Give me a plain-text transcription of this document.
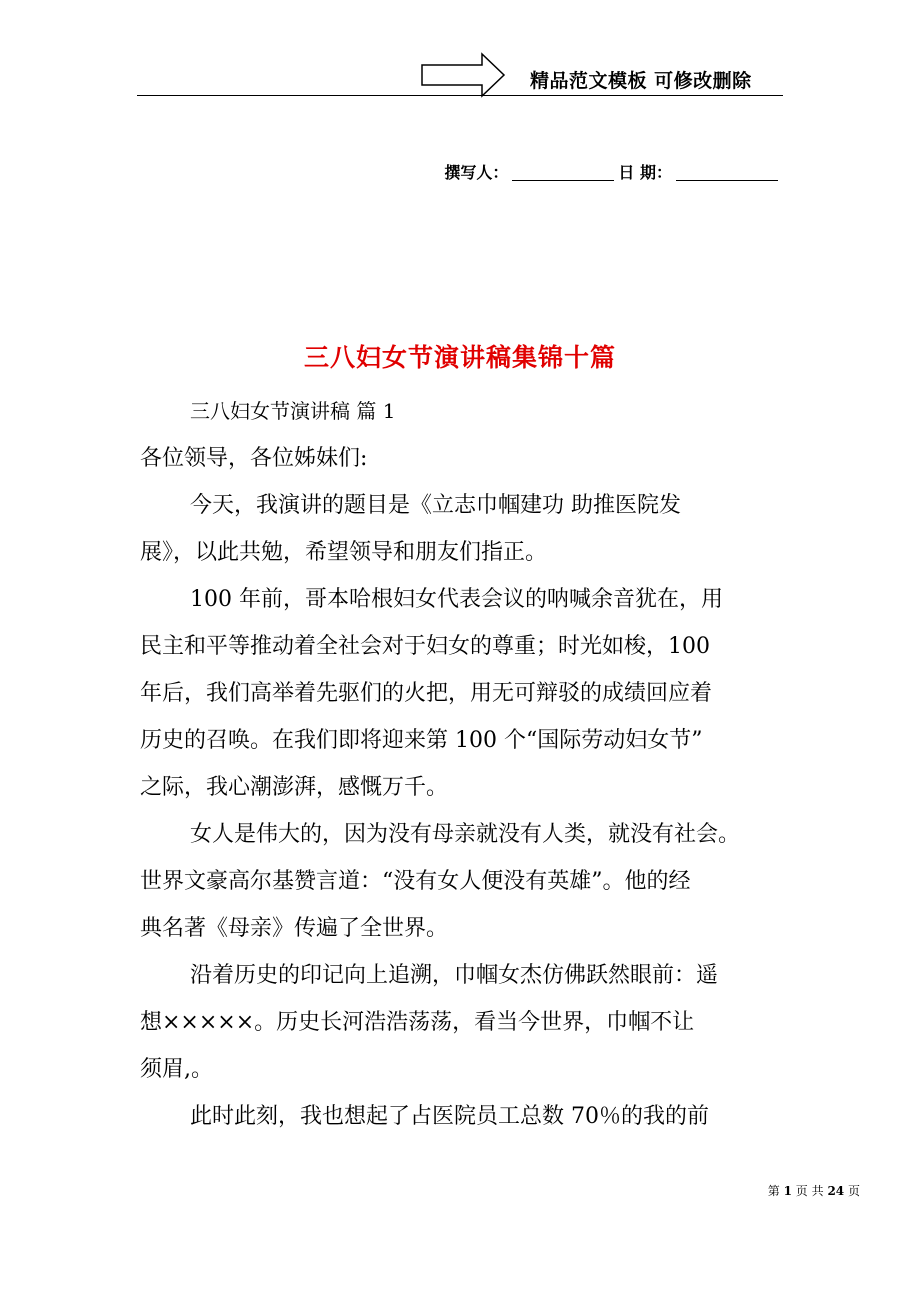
精品范文模板 可修改删除
撰写人：	日 期：
三八妇女节演讲稿集锦十篇
三八妇女节演讲稿 篇 1
各位领导，各位姊妹们:
今天，我演讲的题目是《立志巾帼建功 助推医院发
展》，以此共勉，希望领导和朋友们指正。
100 年前，哥本哈根妇女代表会议的呐喊余音犹在，用
民主和平等推动着全社会对于妇女的尊重；时光如梭，100
年后，我们高举着先驱们的火把，用无可辩驳的成绩回应着
历史的召唤。在我们即将迎来第 100 个“国际劳动妇女节”
之际，我心潮澎湃，感慨万千。
女人是伟大的，因为没有母亲就没有人类，就没有社会。
世界文豪高尔基赞言道：“没有女人便没有英雄”。他的经
典名著《母亲》传遍了全世界。
沿着历史的印记向上追溯，巾帼女杰仿佛跃然眼前：遥
想×××××。历史长河浩浩荡荡，看当今世界，巾帼不让
须眉,。
此时此刻，我也想起了占医院员工总数 70％的我的前
第 1 页 共 24 页
